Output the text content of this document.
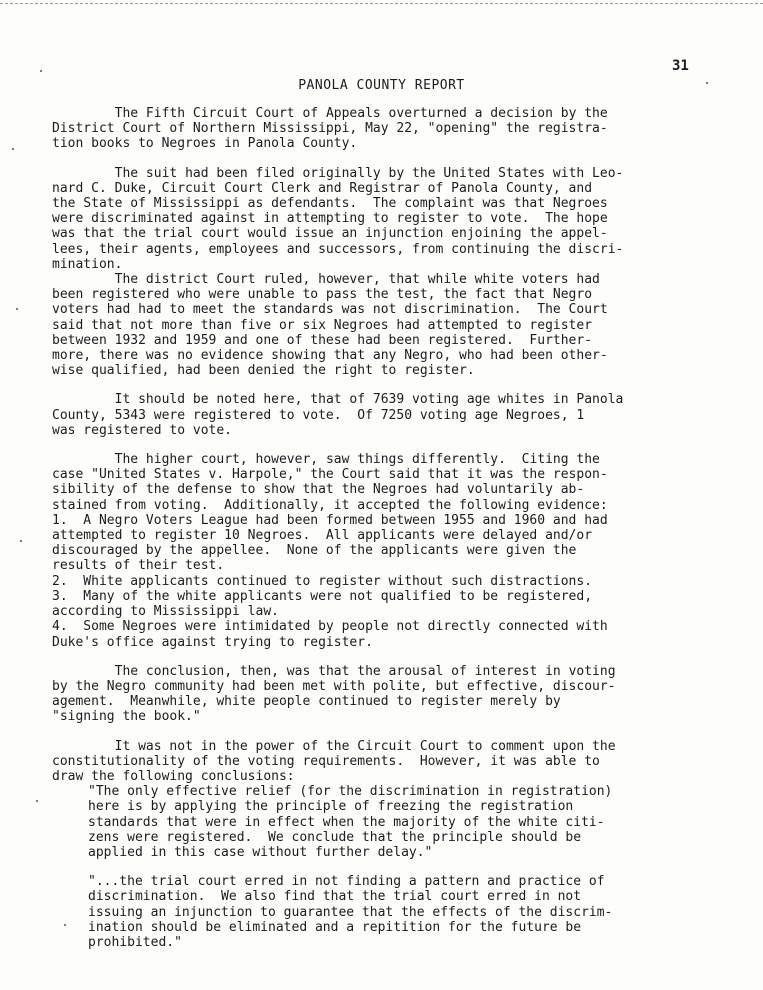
31
PANOLA COUNTY REPORT

The Fifth Circuit Court of Appeals overturned a decision by the
District Court of Northern Mississippi, May 22, "opening" the registra-
tion books to Negroes in Panola County.

The suit had been filed originally by the United States with Leo-
nard C. Duke, Circuit Court Clerk and Registrar of Panola County, and
the State of Mississippi as defendants.  The complaint was that Negroes
were discriminated against in attempting to register to vote.  The hope
was that the trial court would issue an injunction enjoining the appel-
lees, their agents, employees and successors, from continuing the discri-
mination.
The district Court ruled, however, that while white voters had
been registered who were unable to pass the test, the fact that Negro
voters had had to meet the standards was not discrimination.  The Court
said that not more than five or six Negroes had attempted to register
between 1932 and 1959 and one of these had been registered.  Further-
more, there was no evidence showing that any Negro, who had been other-
wise qualified, had been denied the right to register.

It should be noted here, that of 7639 voting age whites in Panola
County, 5343 were registered to vote.  Of 7250 voting age Negroes, 1
was registered to vote.

The higher court, however, saw things differently.  Citing the
case "United States v. Harpole," the Court said that it was the respon-
sibility of the defense to show that the Negroes had voluntarily ab-
stained from voting.  Additionally, it accepted the following evidence:
1.  A Negro Voters League had been formed between 1955 and 1960 and had
attempted to register 10 Negroes.  All applicants were delayed and/or
discouraged by the appellee.  None of the applicants were given the
results of their test.
2.  White applicants continued to register without such distractions.
3.  Many of the white applicants were not qualified to be registered,
according to Mississippi law.
4.  Some Negroes were intimidated by people not directly connected with
Duke's office against trying to register.

The conclusion, then, was that the arousal of interest in voting
by the Negro community had been met with polite, but effective, discour-
agement.  Meanwhile, white people continued to register merely by
"signing the book."

It was not in the power of the Circuit Court to comment upon the
constitutionality of the voting requirements.  However, it was able to
draw the following conclusions:

"The only effective relief (for the discrimination in registration)
here is by applying the principle of freezing the registration
standards that were in effect when the majority of the white citi-
zens were registered.  We conclude that the principle should be
applied in this case without further delay."

"...the trial court erred in not finding a pattern and practice of
discrimination.  We also find that the trial court erred in not
issuing an injunction to guarantee that the effects of the discrim-
ination should be eliminated and a repitition for the future be
prohibited."
